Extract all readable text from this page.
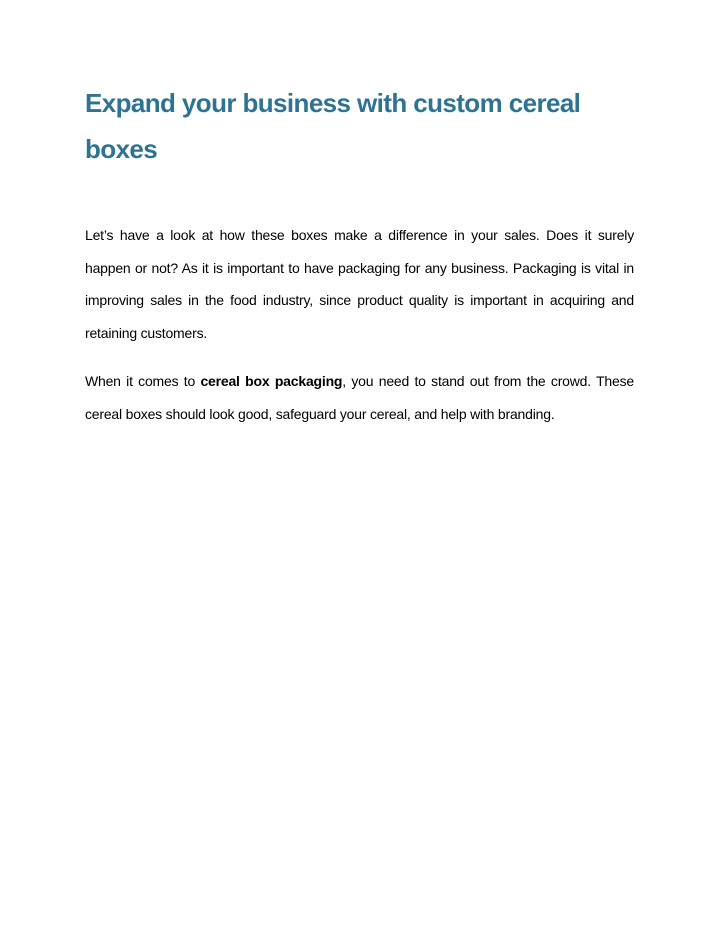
Expand your business with custom cereal boxes

Let’s have a look at how these boxes make a difference in your sales. Does it surely happen or not? As it is important to have packaging for any business. Packaging is vital in improving sales in the food industry, since product quality is important in acquiring and retaining customers.

When it comes to cereal box packaging, you need to stand out from the crowd. These cereal boxes should look good, safeguard your cereal, and help with branding.
